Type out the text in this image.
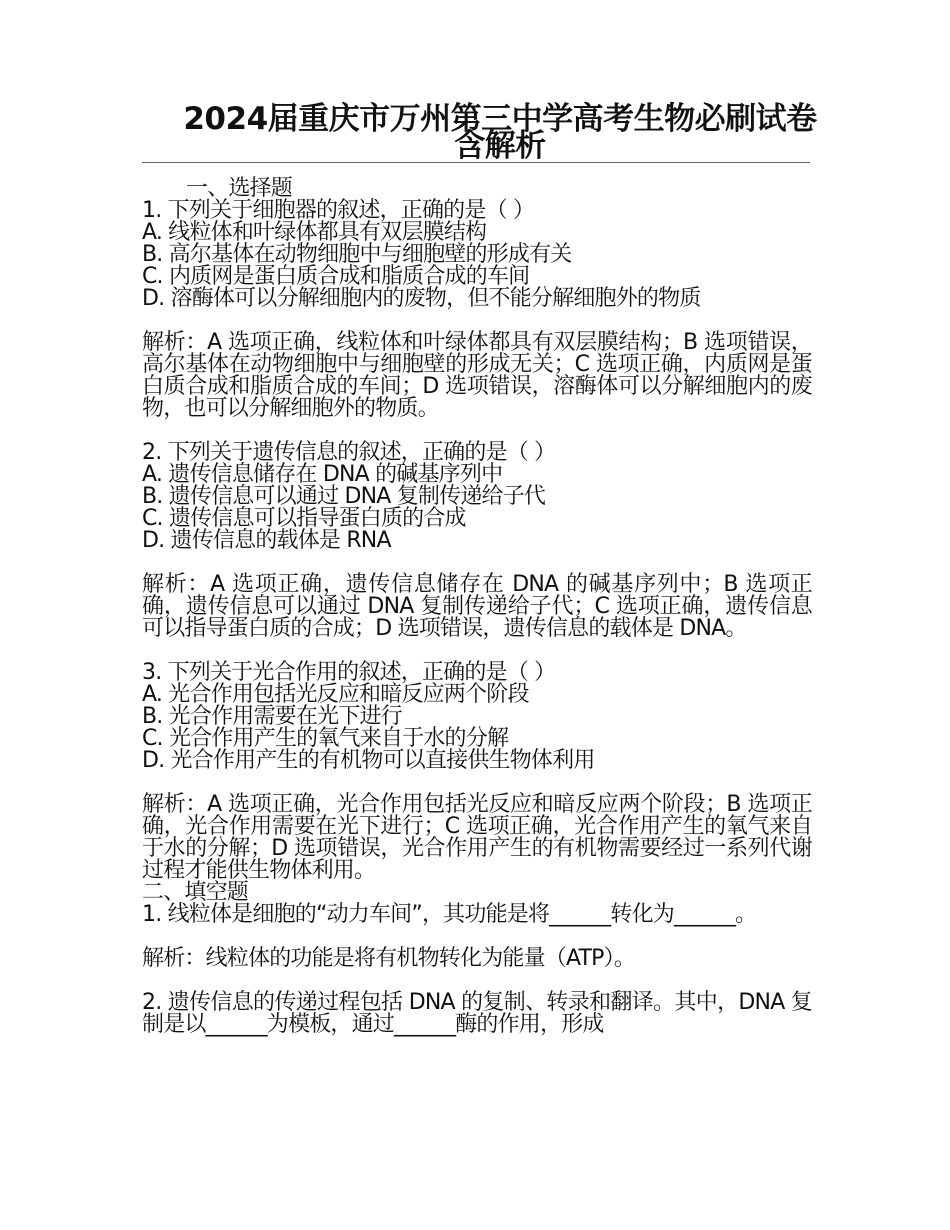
2024届重庆市万州第三中学高考生物必刷试卷含解析

一、选择题

1. 下列关于细胞器的叙述，正确的是（ ）

A. 线粒体和叶绿体都具有双层膜结构

B. 高尔基体在动物细胞中与细胞壁的形成有关

C. 内质网是蛋白质合成和脂质合成的车间

D. 溶酶体可以分解细胞内的废物，但不能分解细胞外的物质

解析：A 选项正确，线粒体和叶绿体都具有双层膜结构；B 选项错误，高尔基体在动物细胞中与细胞壁的形成无关；C 选项正确，内质网是蛋白质合成和脂质合成的车间；D 选项错误，溶酶体可以分解细胞内的废物，也可以分解细胞外的物质。

2. 下列关于遗传信息的叙述，正确的是（ ）

A. 遗传信息储存在 DNA 的碱基序列中

B. 遗传信息可以通过 DNA 复制传递给子代

C. 遗传信息可以指导蛋白质的合成

D. 遗传信息的载体是 RNA

解析：A 选项正确，遗传信息储存在 DNA 的碱基序列中；B 选项正确，遗传信息可以通过 DNA 复制传递给子代；C 选项正确，遗传信息可以指导蛋白质的合成；D 选项错误，遗传信息的载体是 DNA。

3. 下列关于光合作用的叙述，正确的是（ ）

A. 光合作用包括光反应和暗反应两个阶段

B. 光合作用需要在光下进行

C. 光合作用产生的氧气来自于水的分解

D. 光合作用产生的有机物可以直接供生物体利用

解析：A 选项正确，光合作用包括光反应和暗反应两个阶段；B 选项正确，光合作用需要在光下进行；C 选项正确，光合作用产生的氧气来自于水的分解；D 选项错误，光合作用产生的有机物需要经过一系列代谢过程才能供生物体利用。

二、填空题

1. 线粒体是细胞的“动力车间”，其功能是将______转化为______。

解析：线粒体的功能是将有机物转化为能量（ATP）。

2. 遗传信息的传递过程包括 DNA 的复制、转录和翻译。其中，DNA 复制是以______为模板，通过______酶的作用，形成
